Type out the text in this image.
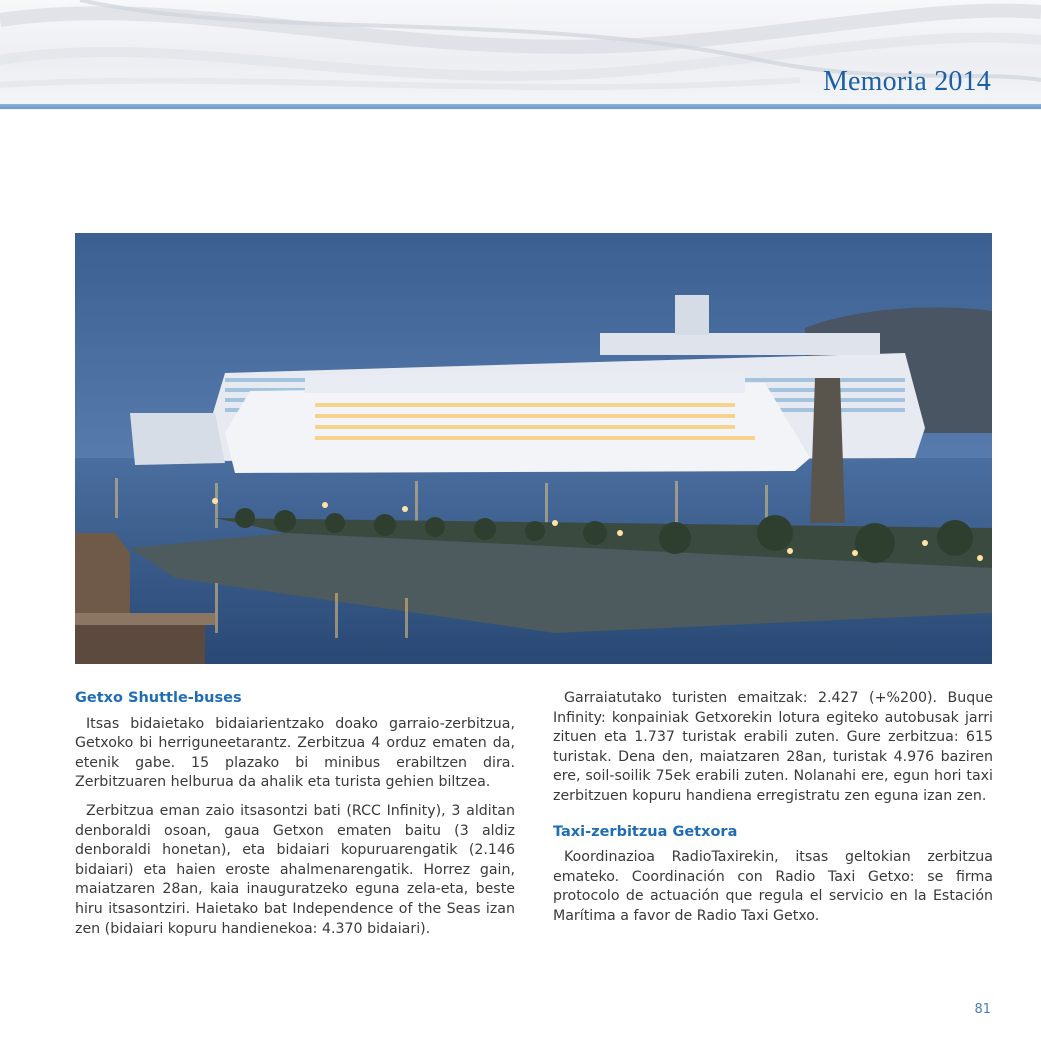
Memoria 2014
Getxo Shuttle-buses

Itsas bidaietako bidaiarientzako doako garraio-zerbitzua, Getxoko bi herriguneetarantz. Zerbitzua 4 orduz ematen da, etenik gabe. 15 plazako bi minibus erabiltzen dira. Zerbitzuaren helburua da ahalik eta turista gehien biltzea.

Zerbitzua eman zaio itsasontzi bati (RCC Infinity), 3 alditan denboraldi osoan, gaua Getxon ematen baitu (3 aldiz denboraldi honetan), eta bidaiari kopuruarengatik (2.146 bidaiari) eta haien eroste ahalmenarengatik. Horrez gain, maiatzaren 28an, kaia inauguratzeko eguna zela-eta, beste hiru itsasontziri. Haietako bat Independence of the Seas izan zen (bidaiari kopuru handienekoa: 4.370 bidaiari).

Garraiatutako turisten emaitzak: 2.427 (+%200). Buque Infinity: konpainiak Getxorekin lotura egiteko autobusak jarri zituen eta 1.737 turistak erabili zuten. Gure zerbitzua: 615 turistak. Dena den, maiatzaren 28an, turistak 4.976 baziren ere, soil-soilik 75ek erabili zuten. Nolanahi ere, egun hori taxi zerbitzuen kopuru handiena erregistratu zen eguna izan zen.

Taxi-zerbitzua Getxora

Koordinazioa RadioTaxirekin, itsas geltokian zerbitzua emateko. Coordinación con Radio Taxi Getxo: se firma protocolo de actuación que regula el servicio en la Estación Marítima a favor de Radio Taxi Getxo.

81
